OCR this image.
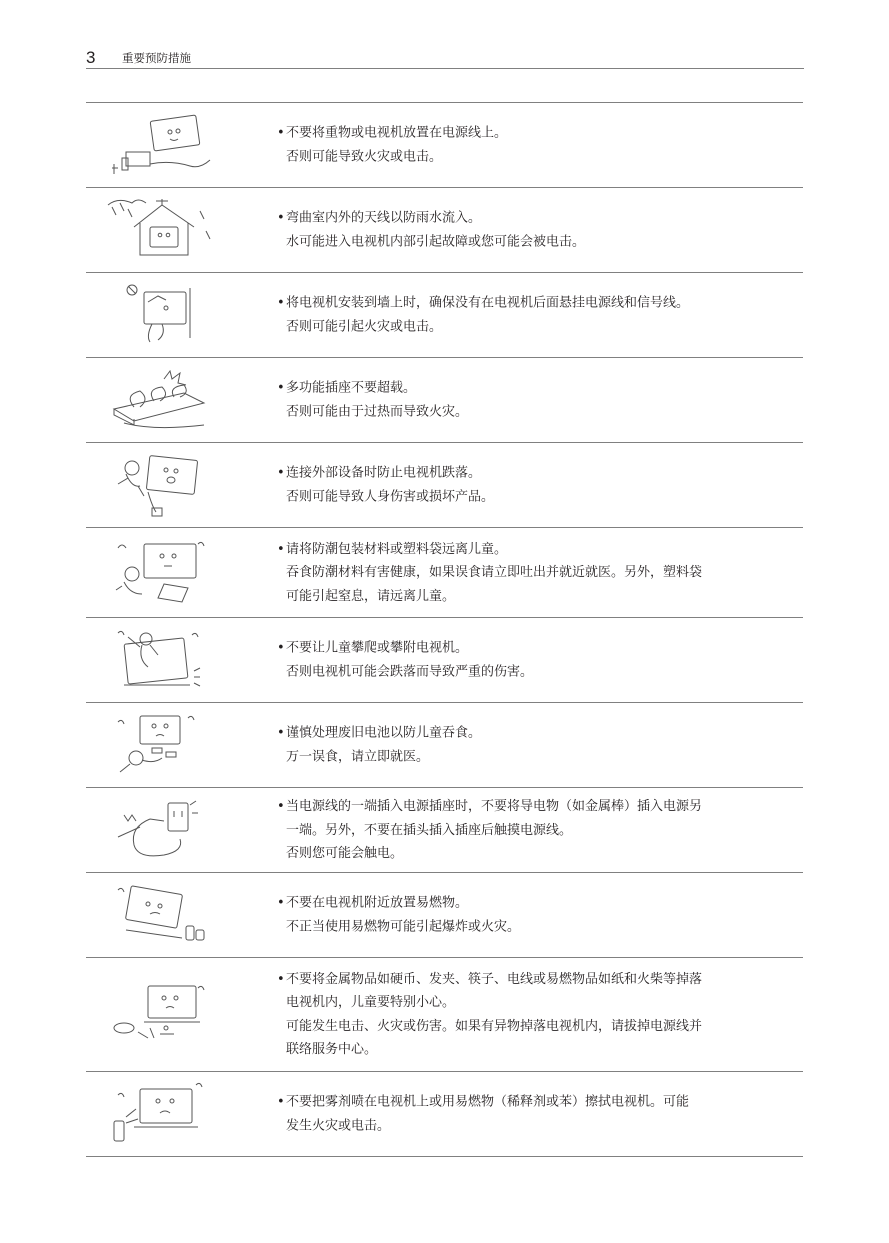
3 重要预防措施
• 不要将重物或电视机放置在电源线上。
否则可能导致火灾或电击。
• 弯曲室内外的天线以防雨水流入。
水可能进入电视机内部引起故障或您可能会被电击。
• 将电视机安装到墙上时，确保没有在电视机后面悬挂电源线和信号线。
否则可能引起火灾或电击。
• 多功能插座不要超载。
否则可能由于过热而导致火灾。
• 连接外部设备时防止电视机跌落。
否则可能导致人身伤害或损坏产品。
• 请将防潮包装材料或塑料袋远离儿童。
吞食防潮材料有害健康，如果误食请立即吐出并就近就医。另外，塑料袋
可能引起窒息，请远离儿童。
• 不要让儿童攀爬或攀附电视机。
否则电视机可能会跌落而导致严重的伤害。
• 谨慎处理废旧电池以防儿童吞食。
万一误食，请立即就医。
• 当电源线的一端插入电源插座时，不要将导电物（如金属棒）插入电源另
一端。另外，不要在插头插入插座后触摸电源线。
否则您可能会触电。
• 不要在电视机附近放置易燃物。
不正当使用易燃物可能引起爆炸或火灾。
• 不要将金属物品如硬币、发夹、筷子、电线或易燃物品如纸和火柴等掉落
电视机内，儿童要特别小心。
可能发生电击、火灾或伤害。如果有异物掉落电视机内，请拔掉电源线并
联络服务中心。
• 不要把雾剂喷在电视机上或用易燃物（稀释剂或苯）擦拭电视机。可能
发生火灾或电击。
